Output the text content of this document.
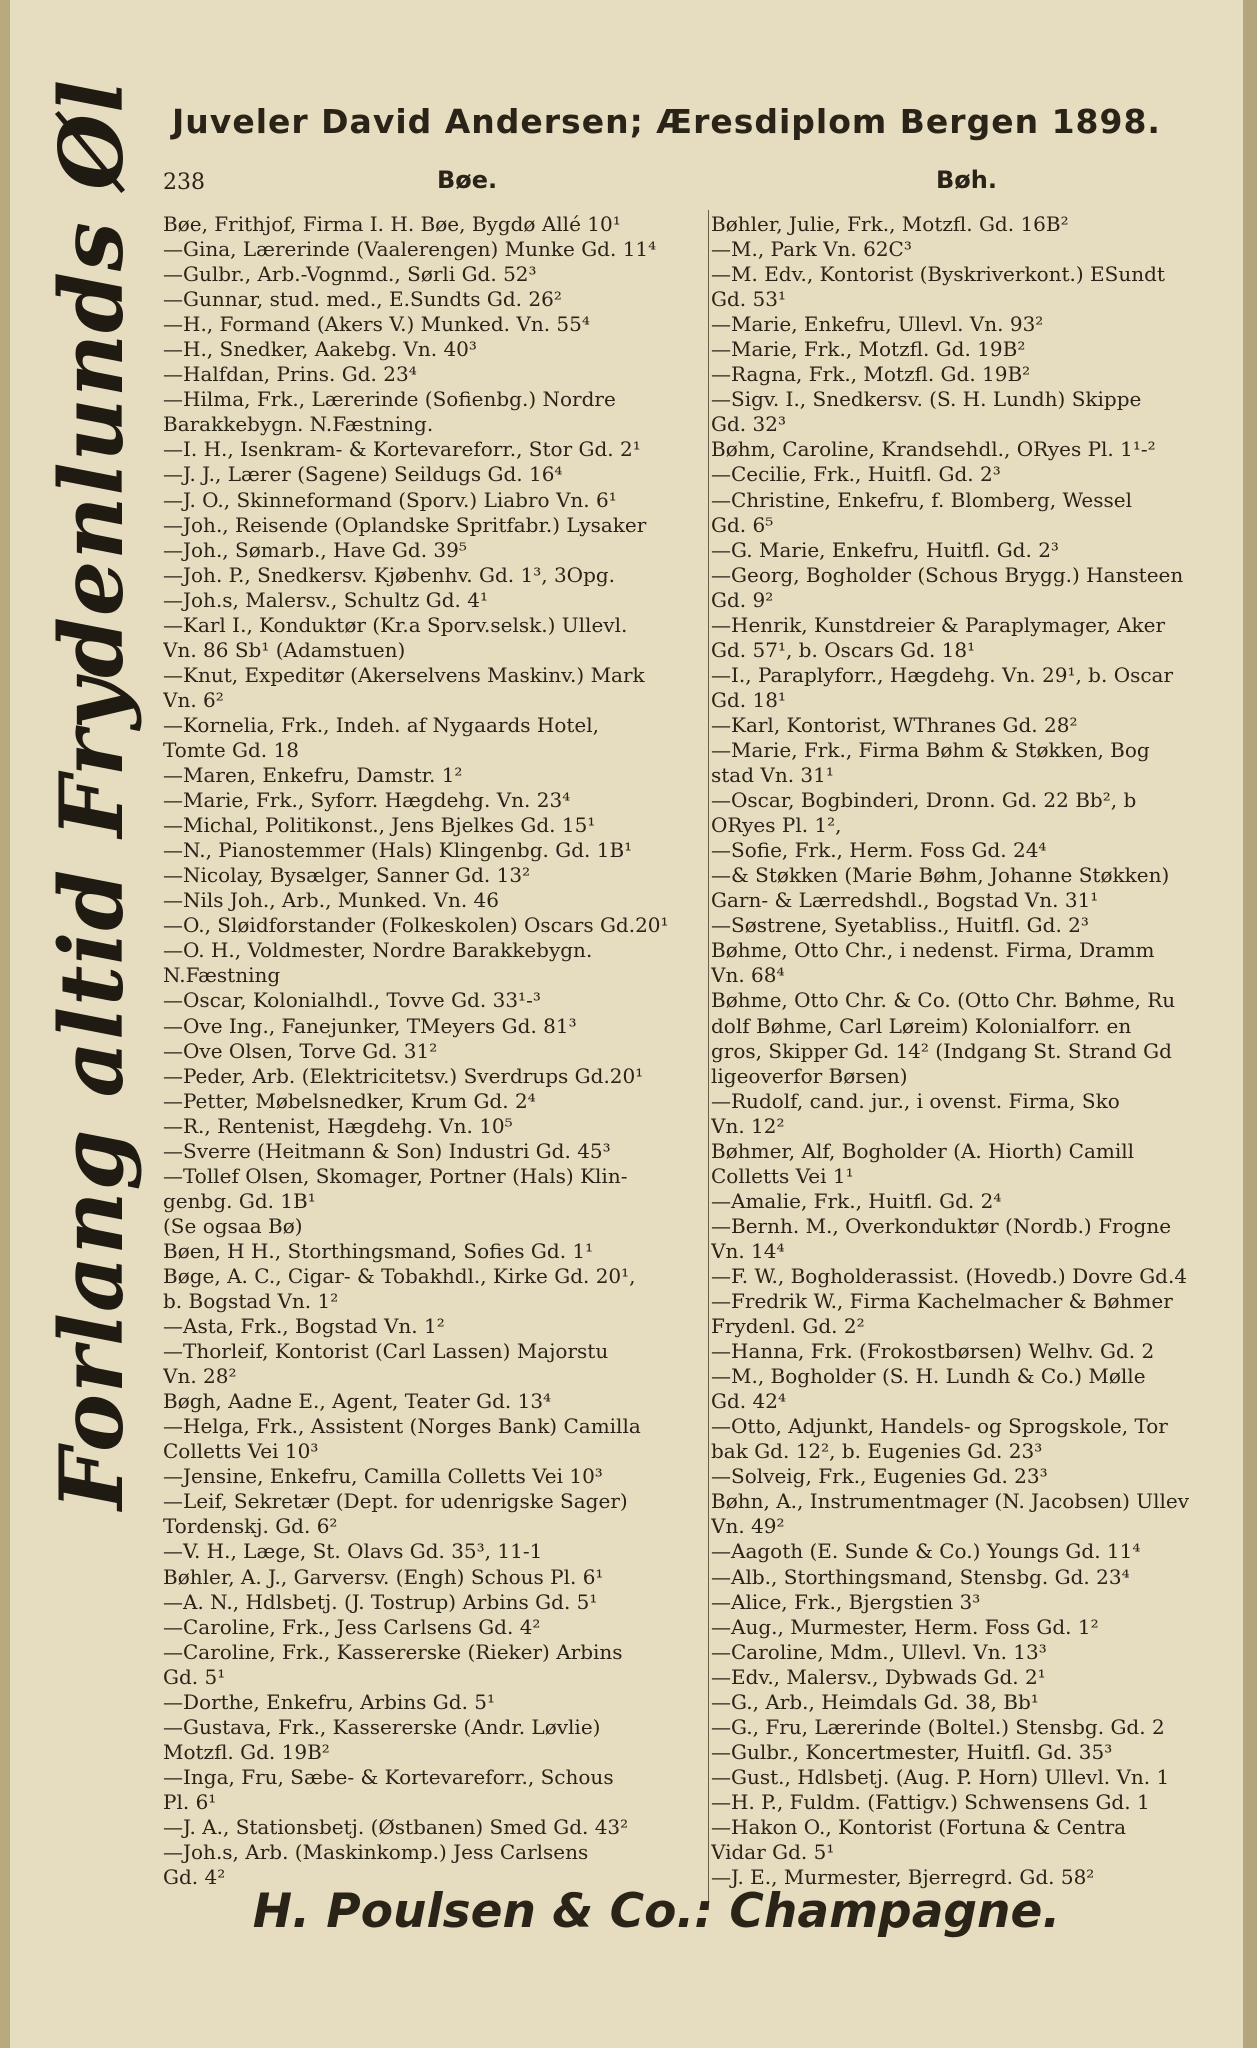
Juveler David Andersen; Æresdiplom Bergen 1898.
238	Bøe.	Bøh.
Forlang altid Frydenlunds Øl Bøe, Frithjof, Firma I. H. Bøe, Bygdø Allé 10¹
—Gina, Lærerinde (Vaalerengen) Munke Gd. 11⁴
—Gulbr., Arb.-Vognmd., Sørli Gd. 52³
—Gunnar, stud. med., E.Sundts Gd. 26²
—H., Formand (Akers V.) Munked. Vn. 55⁴
—H., Snedker, Aakebg. Vn. 40³
—Halfdan, Prins. Gd. 23⁴
—Hilma, Frk., Lærerinde (Sofienbg.) Nordre
Barakkebygn. N.Fæstning.
—I. H., Isenkram- & Kortevareforr., Stor Gd. 2¹
—J. J., Lærer (Sagene) Seildugs Gd. 16⁴
—J. O., Skinneformand (Sporv.) Liabro Vn. 6¹
—Joh., Reisende (Oplandske Spritfabr.) Lysaker
—Joh., Sømarb., Have Gd. 39⁵
—Joh. P., Snedkersv. Kjøbenhv. Gd. 1³, 3Opg.
—Joh.s, Malersv., Schultz Gd. 4¹
—Karl I., Konduktør (Kr.a Sporv.selsk.) Ullevl.
Vn. 86 Sb¹ (Adamstuen)
—Knut, Expeditør (Akerselvens Maskinv.) Mark
Vn. 6²
—Kornelia, Frk., Indeh. af Nygaards Hotel,
Tomte Gd. 18
—Maren, Enkefru, Damstr. 1²
—Marie, Frk., Syforr. Hægdehg. Vn. 23⁴
—Michal, Politikonst., Jens Bjelkes Gd. 15¹
—N., Pianostemmer (Hals) Klingenbg. Gd. 1B¹
—Nicolay, Bysælger, Sanner Gd. 13²
—Nils Joh., Arb., Munked. Vn. 46
—O., Sløidforstander (Folkeskolen) Oscars Gd.20¹
—O. H., Voldmester, Nordre Barakkebygn.
N.Fæstning
—Oscar, Kolonialhdl., Tovve Gd. 33¹-³
—Ove Ing., Fanejunker, TMeyers Gd. 81³
—Ove Olsen, Torve Gd. 31²
—Peder, Arb. (Elektricitetsv.) Sverdrups Gd.20¹
—Petter, Møbelsnedker, Krum Gd. 2⁴
—R., Rentenist, Hægdehg. Vn. 10⁵
—Sverre (Heitmann & Son) Industri Gd. 45³
—Tollef Olsen, Skomager, Portner (Hals) Klin-
genbg. Gd. 1B¹
(Se ogsaa Bø)
Bøen, H H., Storthingsmand, Sofies Gd. 1¹
Bøge, A. C., Cigar- & Tobakhdl., Kirke Gd. 20¹,
b. Bogstad Vn. 1²
—Asta, Frk., Bogstad Vn. 1²
—Thorleif, Kontorist (Carl Lassen) Majorstu
Vn. 28²
Bøgh, Aadne E., Agent, Teater Gd. 13⁴
—Helga, Frk., Assistent (Norges Bank) Camilla
Colletts Vei 10³
—Jensine, Enkefru, Camilla Colletts Vei 10³
—Leif, Sekretær (Dept. for udenrigske Sager)
Tordenskj. Gd. 6²
—V. H., Læge, St. Olavs Gd. 35³, 11-1
Bøhler, A. J., Garversv. (Engh) Schous Pl. 6¹
—A. N., Hdlsbetj. (J. Tostrup) Arbins Gd. 5¹
—Caroline, Frk., Jess Carlsens Gd. 4²
—Caroline, Frk., Kassererske (Rieker) Arbins
Gd. 5¹
—Dorthe, Enkefru, Arbins Gd. 5¹
—Gustava, Frk., Kassererske (Andr. Løvlie)
Motzfl. Gd. 19B²
—Inga, Fru, Sæbe- & Kortevareforr., Schous
Pl. 6¹
—J. A., Stationsbetj. (Østbanen) Smed Gd. 43²
—Joh.s, Arb. (Maskinkomp.) Jess Carlsens
Gd. 4²
Bøhler, Julie, Frk., Motzfl. Gd. 16B²
—M., Park Vn. 62C³
—M. Edv., Kontorist (Byskriverkont.) ESundt
Gd. 53¹
—Marie, Enkefru, Ullevl. Vn. 93²
—Marie, Frk., Motzfl. Gd. 19B²
—Ragna, Frk., Motzfl. Gd. 19B²
—Sigv. I., Snedkersv. (S. H. Lundh) Skippe
Gd. 32³
Bøhm, Caroline, Krandsehdl., ORyes Pl. 1¹-²
—Cecilie, Frk., Huitfl. Gd. 2³
—Christine, Enkefru, f. Blomberg, Wessel
Gd. 6⁵
—G. Marie, Enkefru, Huitfl. Gd. 2³
—Georg, Bogholder (Schous Brygg.) Hansteen
Gd. 9²
—Henrik, Kunstdreier & Paraplymager, Aker
Gd. 57¹, b. Oscars Gd. 18¹
—I., Paraplyforr., Hægdehg. Vn. 29¹, b. Oscar
Gd. 18¹
—Karl, Kontorist, WThranes Gd. 28²
—Marie, Frk., Firma Bøhm & Støkken, Bog
stad Vn. 31¹
—Oscar, Bogbinderi, Dronn. Gd. 22 Bb², b
ORyes Pl. 1²,
—Sofie, Frk., Herm. Foss Gd. 24⁴
—& Støkken (Marie Bøhm, Johanne Støkken)
Garn- & Lærredshdl., Bogstad Vn. 31¹
—Søstrene, Syetabliss., Huitfl. Gd. 2³
Bøhme, Otto Chr., i nedenst. Firma, Dramm
Vn. 68⁴
Bøhme, Otto Chr. & Co. (Otto Chr. Bøhme, Ru
dolf Bøhme, Carl Løreim) Kolonialforr. en
gros, Skipper Gd. 14² (Indgang St. Strand Gd
ligeoverfor Børsen)
—Rudolf, cand. jur., i ovenst. Firma, Sko
Vn. 12²
Bøhmer, Alf, Bogholder (A. Hiorth) Camill
Colletts Vei 1¹
—Amalie, Frk., Huitfl. Gd. 2⁴
—Bernh. M., Overkonduktør (Nordb.) Frogne
Vn. 14⁴
—F. W., Bogholderassist. (Hovedb.) Dovre Gd.4
—Fredrik W., Firma Kachelmacher & Bøhmer
Frydenl. Gd. 2²
—Hanna, Frk. (Frokostbørsen) Welhv. Gd. 2
—M., Bogholder (S. H. Lundh & Co.) Mølle
Gd. 42⁴
—Otto, Adjunkt, Handels- og Sprogskole, Tor
bak Gd. 12², b. Eugenies Gd. 23³
—Solveig, Frk., Eugenies Gd. 23³
Bøhn, A., Instrumentmager (N. Jacobsen) Ullev
Vn. 49²
—Aagoth (E. Sunde & Co.) Youngs Gd. 11⁴
—Alb., Storthingsmand, Stensbg. Gd. 23⁴
—Alice, Frk., Bjergstien 3³
—Aug., Murmester, Herm. Foss Gd. 1²
—Caroline, Mdm., Ullevl. Vn. 13³
—Edv., Malersv., Dybwads Gd. 2¹
—G., Arb., Heimdals Gd. 38, Bb¹
—G., Fru, Lærerinde (Boltel.) Stensbg. Gd. 2
—Gulbr., Koncertmester, Huitfl. Gd. 35³
—Gust., Hdlsbetj. (Aug. P. Horn) Ullevl. Vn. 1
—H. P., Fuldm. (Fattigv.) Schwensens Gd. 1
—Hakon O., Kontorist (Fortuna & Centra
Vidar Gd. 5¹
—J. E., Murmester, Bjerregrd. Gd. 58²
H. Poulsen & Co.: Champagne.
